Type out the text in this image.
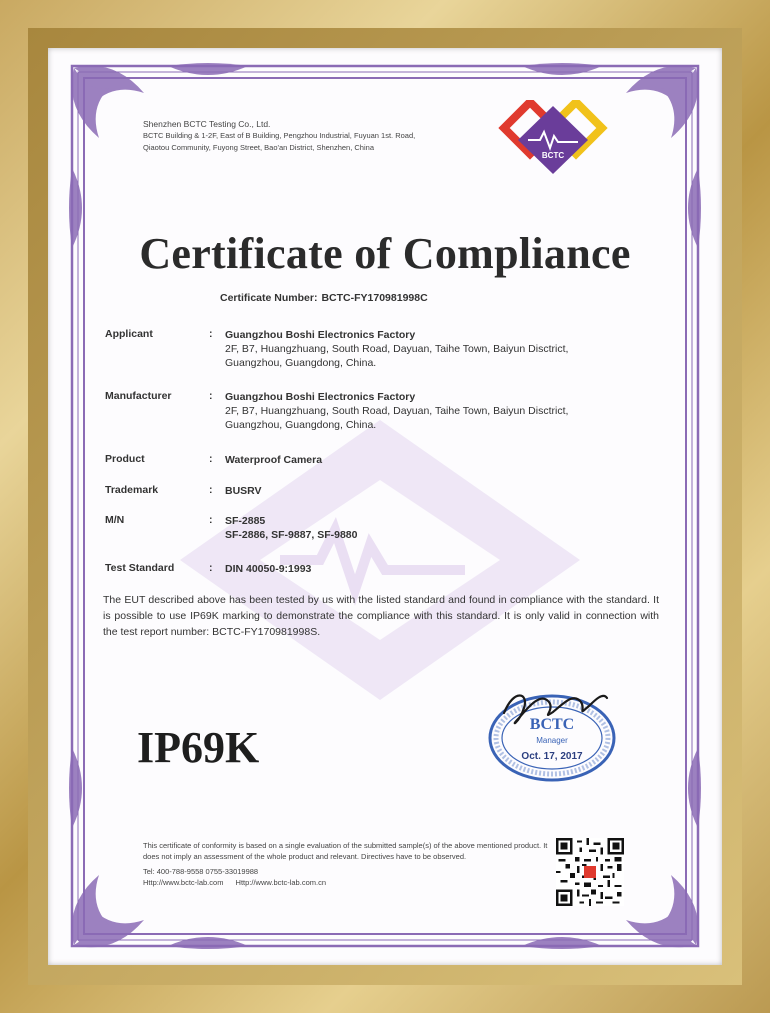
Shenzhen BCTC Testing Co., Ltd.
BCTC Building & 1-2F, East of B Building, Pengzhou Industrial, Fuyuan 1st. Road,
Qiaotou Community, Fuyong Street, Bao'an District, Shenzhen, China
BCTC
Certificate of Compliance
Certificate Number: BCTC-FY170981998C
Applicant	: Guangzhou Boshi Electronics Factory
2F, B7, Huangzhuang, South Road, Dayuan, Taihe Town, Baiyun Disctrict,
Guangzhou, Guangdong, China.
Manufacturer	: Guangzhou Boshi Electronics Factory
2F, B7, Huangzhuang, South Road, Dayuan, Taihe Town, Baiyun Disctrict,
Guangzhou, Guangdong, China.
Product	: Waterproof Camera
Trademark	: BUSRV
M/N	: SF-2885
SF-2886, SF-9887, SF-9880
Test Standard	: DIN 40050-9:1993
The EUT described above has been tested by us with the listed standard and found in compliance with the standard. It is possible to use IP69K marking to demonstrate the compliance with this standard. It is only valid in connection with the test report number: BCTC-FY170981998S.
IP69K	BCTC
Manager
Oct. 17, 2017
This certificate of conformity is based on a single evaluation of the submitted sample(s) of the above mentioned product. It does not imply an assessment of the whole product and relevant. Directives have to be observed.
Tel: 400-788-9558 0755-33019988
Http://www.bctc-lab.com Http://www.bctc-lab.com.cn
